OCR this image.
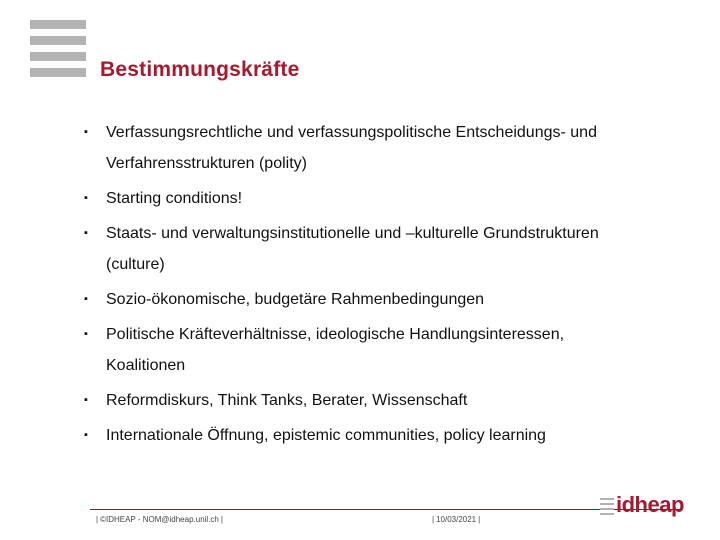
Bestimmungskräfte
▪ Verfassungsrechtliche und verfassungspolitische Entscheidungs- und
Verfahrensstrukturen (polity)
▪ Starting conditions!
▪ Staats- und verwaltungsinstitutionelle und –kulturelle Grundstrukturen
(culture)
▪ Sozio-ökonomische, budgetäre Rahmenbedingungen
▪ Politische Kräfteverhältnisse, ideologische Handlungsinteressen,
Koalitionen
▪ Reformdiskurs, Think Tanks, Berater, Wissenschaft
▪ Internationale Öffnung, epistemic communities, policy learning
| ©IDHEAP - NOM@idheap.unil.ch |	| 10/03/2021 |
idheap
